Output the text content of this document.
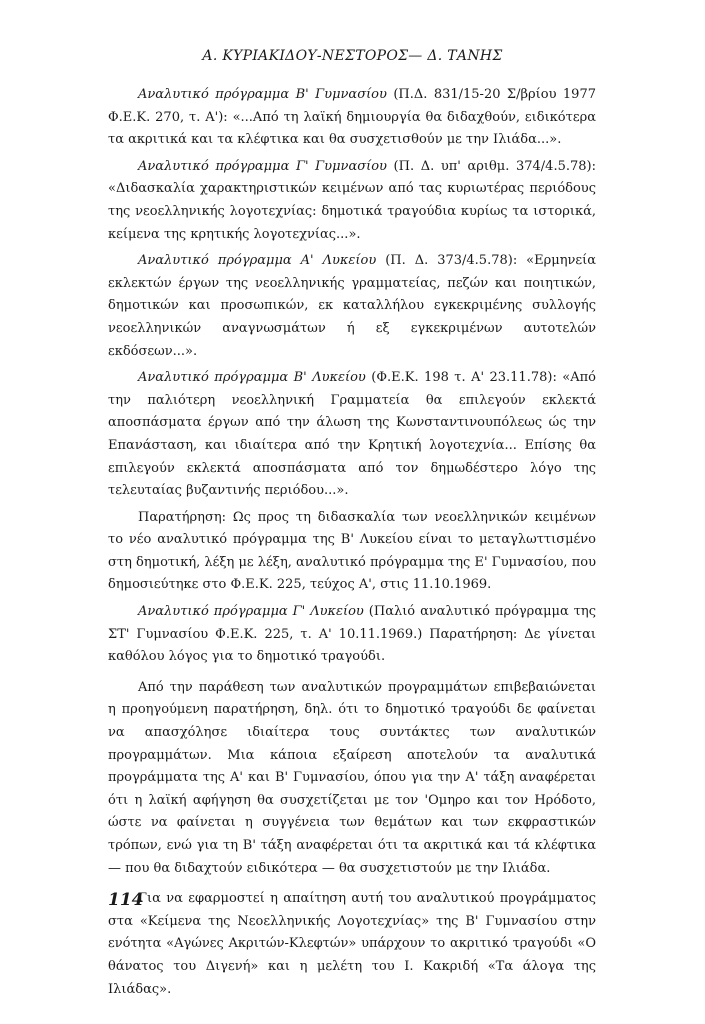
Α. ΚΥΡΙΑΚΙΔΟΥ-ΝΕΣΤΟΡΟΣ— Δ. ΤΑΝΗΣ

Αναλυτικό πρόγραμμα Β' Γυμνασίου (Π.Δ. 831/15-20 Σ/βρίου 1977 Φ.Ε.Κ. 270, τ. Α'): «...Από τη λαϊκή δημιουργία θα διδαχθούν, ειδικότερα τα ακριτικά και τα κλέφτικα και θα συσχετισθούν με την Ιλιάδα...».

Αναλυτικό πρόγραμμα Γ' Γυμνασίου (Π. Δ. υπ' αριθμ. 374/4.5.78): «Διδασκαλία χαρακτηριστικών κειμένων από τας κυριωτέρας περιόδους της νεοελληνικής λογοτεχνίας: δημοτικά τραγούδια κυρίως τα ιστορικά, κείμενα της κρητικής λογοτεχνίας...».

Αναλυτικό πρόγραμμα Α' Λυκείου (Π. Δ. 373/4.5.78): «Ερμηνεία εκλεκτών έργων της νεοελληνικής γραμματείας, πεζών και ποιητικών, δημοτικών και προσωπικών, εκ καταλλήλου εγκεκριμένης συλλογής νεοελληνικών αναγνωσμάτων ή εξ εγκεκριμένων αυτοτελών εκδόσεων...».

Αναλυτικό πρόγραμμα Β' Λυκείου (Φ.Ε.Κ. 198 τ. Α' 23.11.78): «Από την παλιότερη νεοελληνική Γραμματεία θα επιλεγούν εκλεκτά αποσπάσματα έργων από την άλωση της Κωνσταντινουπόλεως ώς την Επανάσταση, και ιδιαίτερα από την Κρητική λογοτεχνία... Επίσης θα επιλεγούν εκλεκτά αποσπάσματα από τον δημωδέστερο λόγο της τελευταίας βυζαντινής περιόδου...».

Παρατήρηση: Ως προς τη διδασκαλία των νεοελληνικών κειμένων το νέο αναλυτικό πρόγραμμα της Β' Λυκείου είναι το μεταγλωττισμένο στη δημοτική, λέξη με λέξη, αναλυτικό πρόγραμμα της Ε' Γυμνασίου, που δημοσιεύτηκε στο Φ.Ε.Κ. 225, τεύχος Α', στις 11.10.1969.

Αναλυτικό πρόγραμμα Γ' Λυκείου (Παλιό αναλυτικό πρόγραμμα της ΣΤ' Γυμνασίου Φ.Ε.Κ. 225, τ. Α' 10.11.1969.) Παρατήρηση: Δε γίνεται καθόλου λόγος για το δημοτικό τραγούδι.

Από την παράθεση των αναλυτικών προγραμμάτων επιβεβαιώνεται η προηγούμενη παρατήρηση, δηλ. ότι το δημοτικό τραγούδι δε φαίνεται να απασχόλησε ιδιαίτερα τους συντάκτες των αναλυτικών προγραμμάτων. Μια κάποια εξαίρεση αποτελούν τα αναλυτικά προγράμματα της Α' και Β' Γυμνασίου, όπου για την Α' τάξη αναφέρεται ότι η λαϊκή αφήγηση θα συσχετίζεται με τον 'Ομηρο και τον Ηρόδοτο, ώστε να φαίνεται η συγγένεια των θεμάτων και των εκφραστικών τρόπων, ενώ για τη Β' τάξη αναφέρεται ότι τα ακριτικά και τά κλέφτικα — που θα διδαχτούν ειδικότερα — θα συσχετιστούν με την Ιλιάδα.

Για να εφαρμοστεί η απαίτηση αυτή του αναλυτικού προγράμματος στα «Κείμενα της Νεοελληνικής Λογοτεχνίας» της Β' Γυμνασίου στην ενότητα «Αγώνες Ακριτών-Κλεφτών» υπάρχουν το ακριτικό τραγούδι «Ο θάνατος του Διγενή» και η μελέτη του Ι. Κακριδή «Τα άλογα της Ιλιάδας».

114
